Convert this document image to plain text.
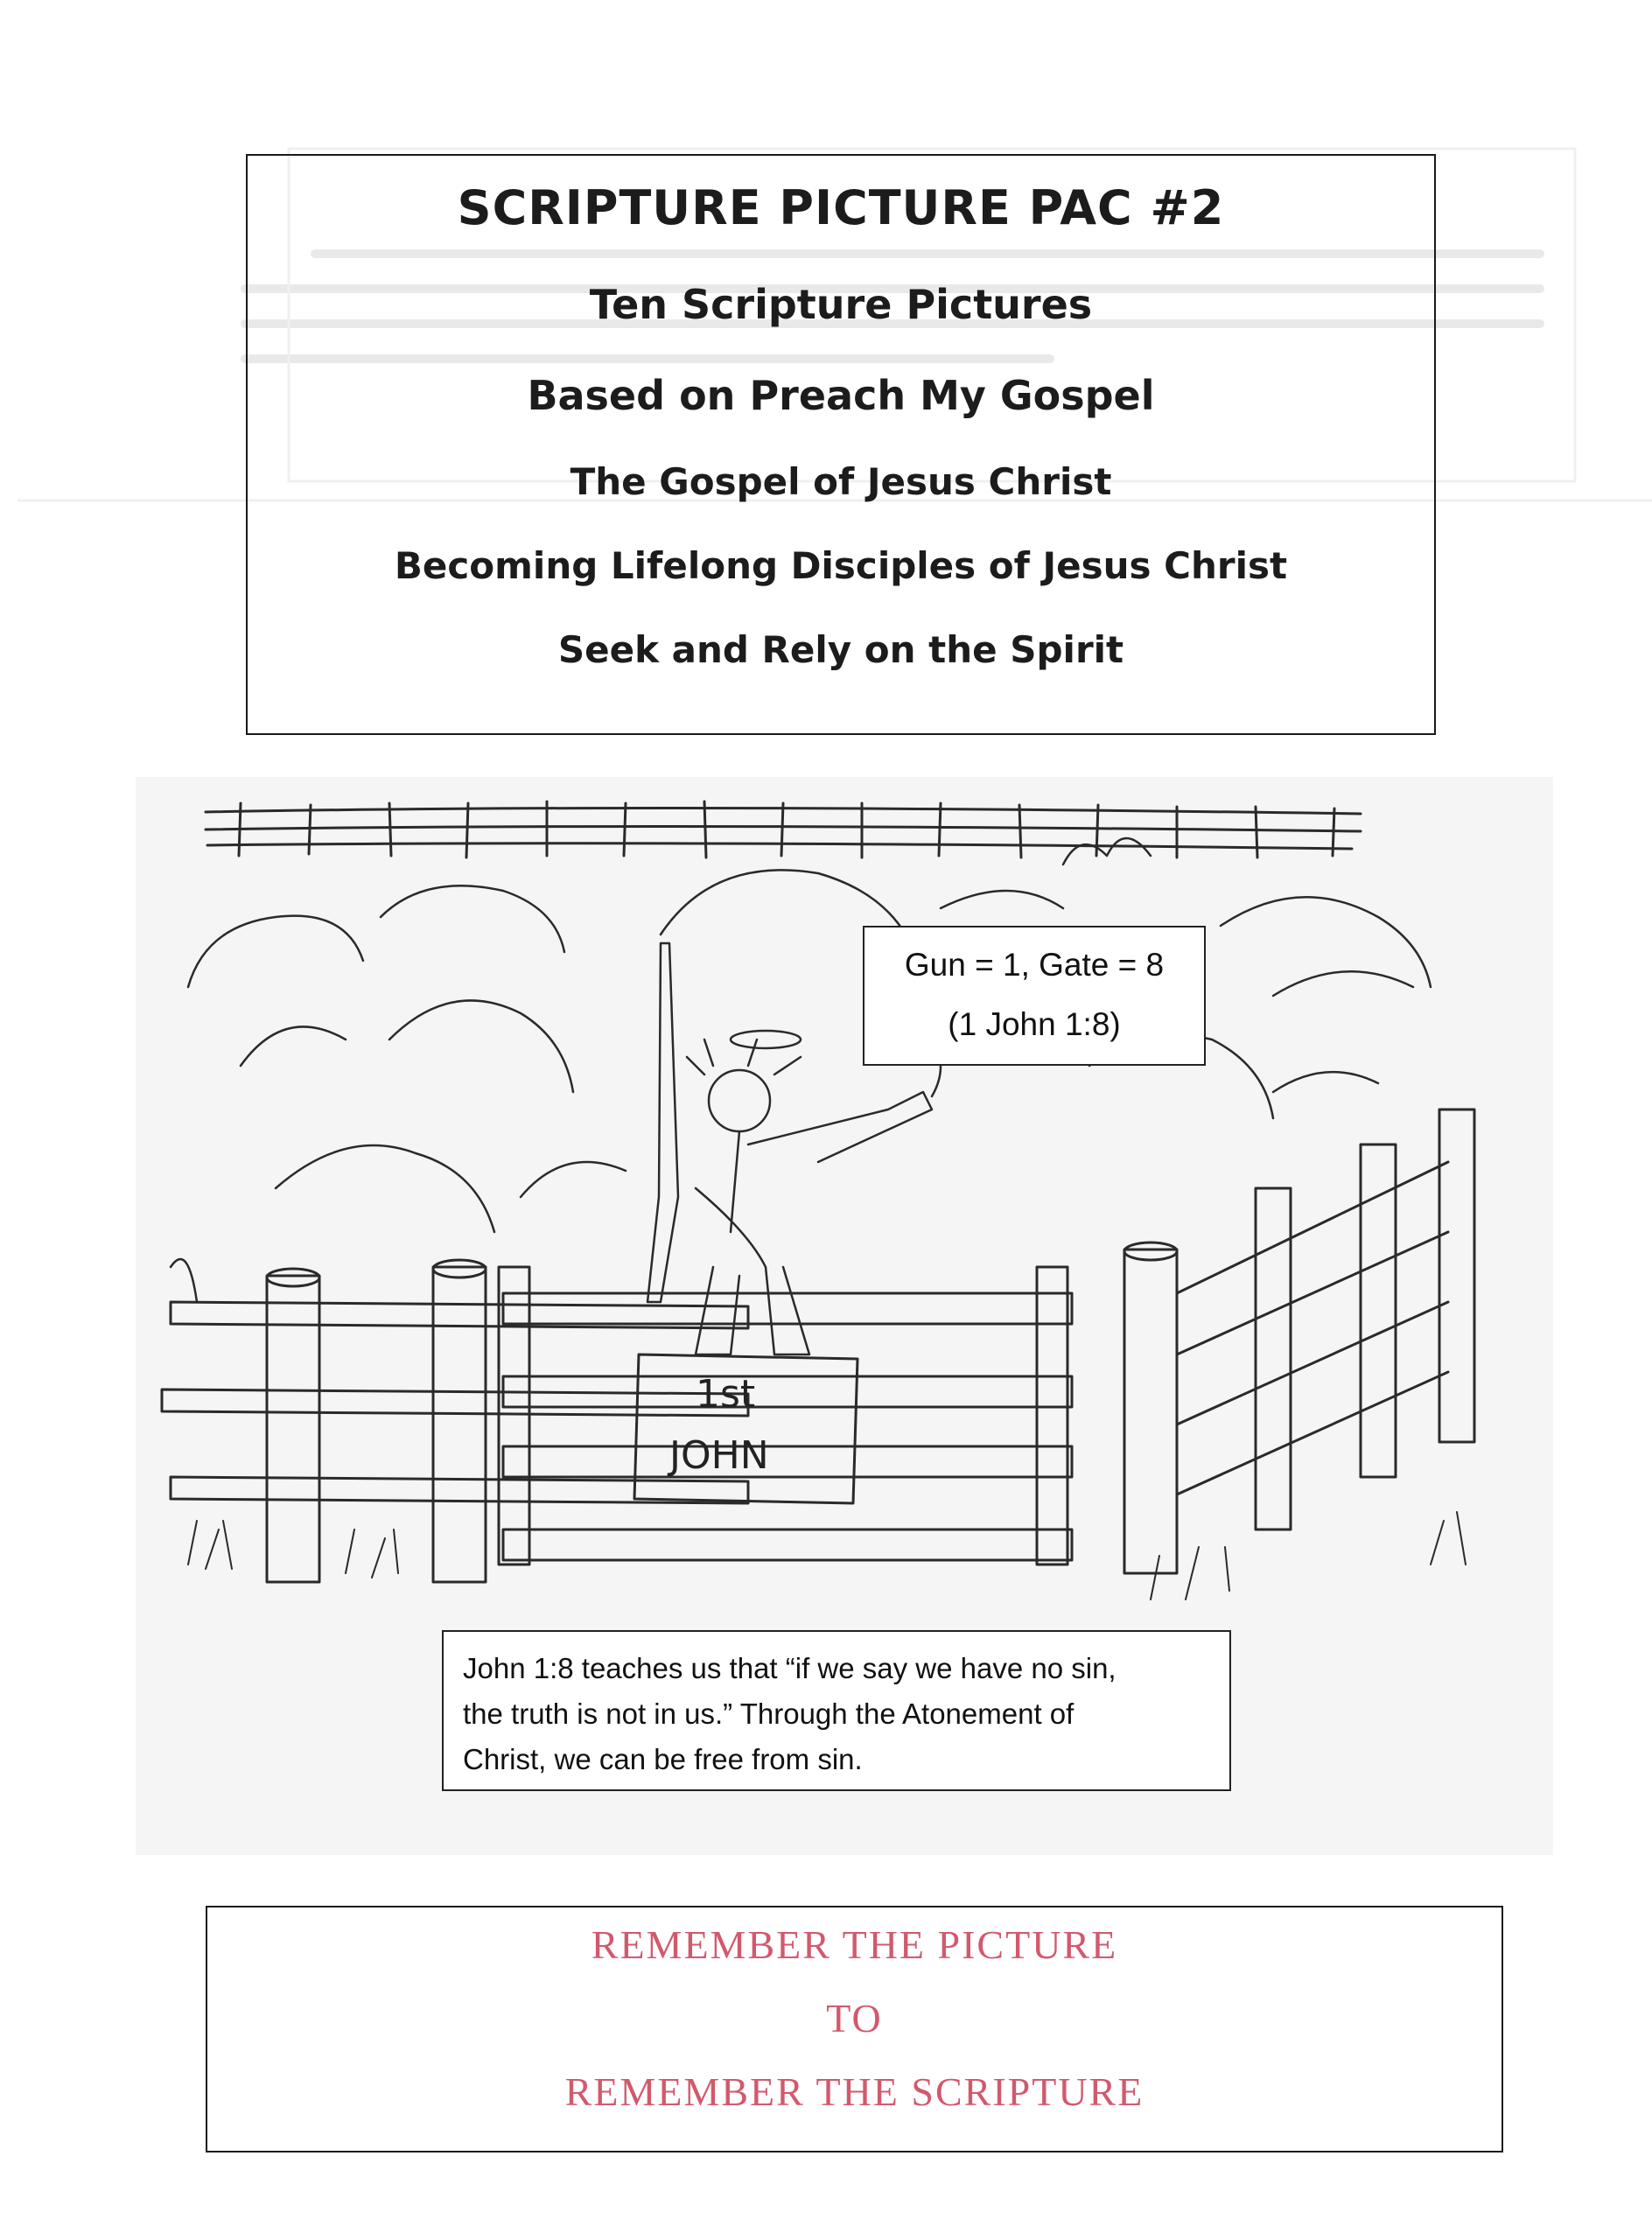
SCRIPTURE PICTURE PAC #2
Ten Scripture Pictures
Based on Preach My Gospel
The Gospel of Jesus Christ
Becoming Lifelong Disciples of Jesus Christ
Seek and Rely on the Spirit
1st
JOHN
Gun = 1, Gate = 8
(1 John 1:8)
John 1:8 teaches us that “if we say we have no sin,
the truth is not in us.” Through the Atonement of
Christ, we can be free from sin.
REMEMBER THE PICTURE
TO
REMEMBER THE SCRIPTURE
